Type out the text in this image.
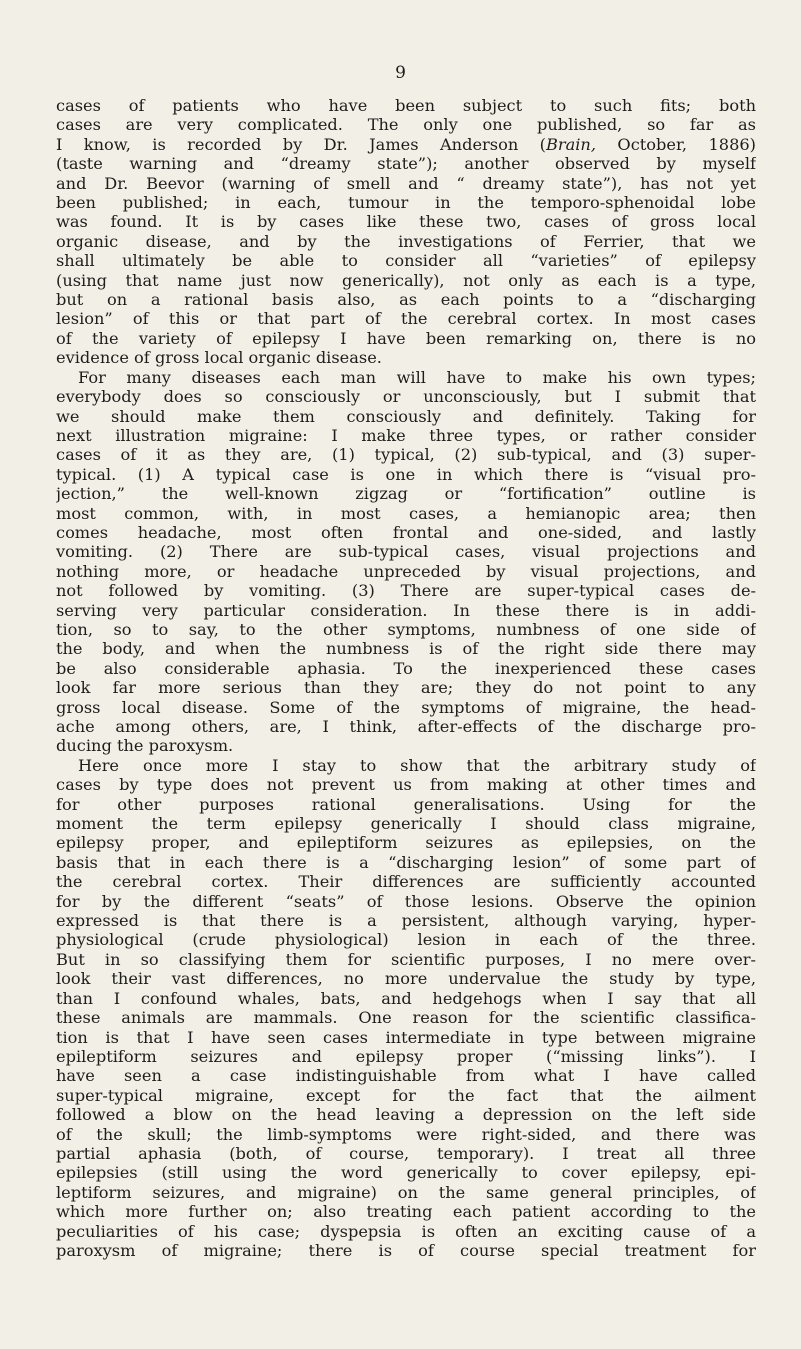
9
cases of patients who have been subject to such fits; both
cases are very complicated. The only one published, so far as
I know, is recorded by Dr. James Anderson (Brain, October, 1886)
(taste warning and “dreamy state”); another observed by myself
and Dr. Beevor (warning of smell and “ dreamy state”), has not yet
been published; in each, tumour in the temporo-sphenoidal lobe
was found. It is by cases like these two, cases of gross local
organic disease, and by the investigations of Ferrier, that we
shall ultimately be able to consider all “varieties” of epilepsy
(using that name just now generically), not only as each is a type,
but on a rational basis also, as each points to a “discharging
lesion” of this or that part of the cerebral cortex. In most cases
of the variety of epilepsy I have been remarking on, there is no
evidence of gross local organic disease.
For many diseases each man will have to make his own types;
everybody does so consciously or unconsciously, but I submit that
we should make them consciously and definitely. Taking for
next illustration migraine: I make three types, or rather consider
cases of it as they are, (1) typical, (2) sub-typical, and (3) super-
typical. (1) A typical case is one in which there is “visual pro-
jection,” the well-known zigzag or “fortification” outline is
most common, with, in most cases, a hemianopic area; then
comes headache, most often frontal and one-sided, and lastly
vomiting. (2) There are sub-typical cases, visual projections and
nothing more, or headache unpreceded by visual projections, and
not followed by vomiting. (3) There are super-typical cases de-
serving very particular consideration. In these there is in addi-
tion, so to say, to the other symptoms, numbness of one side of
the body, and when the numbness is of the right side there may
be also considerable aphasia. To the inexperienced these cases
look far more serious than they are; they do not point to any
gross local disease. Some of the symptoms of migraine, the head-
ache among others, are, I think, after-effects of the discharge pro-
ducing the paroxysm.
Here once more I stay to show that the arbitrary study of
cases by type does not prevent us from making at other times and
for other purposes rational generalisations. Using for the
moment the term epilepsy generically I should class migraine,
epilepsy proper, and epileptiform seizures as epilepsies, on the
basis that in each there is a “discharging lesion” of some part of
the cerebral cortex. Their differences are sufficiently accounted
for by the different “seats” of those lesions. Observe the opinion
expressed is that there is a persistent, although varying, hyper-
physiological (crude physiological) lesion in each of the three.
But in so classifying them for scientific purposes, I no mere over-
look their vast differences, no more undervalue the study by type,
than I confound whales, bats, and hedgehogs when I say that all
these animals are mammals. One reason for the scientific classifica-
tion is that I have seen cases intermediate in type between migraine
epileptiform seizures and epilepsy proper (“missing links”). I
have seen a case indistinguishable from what I have called
super-typical migraine, except for the fact that the ailment
followed a blow on the head leaving a depression on the left side
of the skull; the limb-symptoms were right-sided, and there was
partial aphasia (both, of course, temporary). I treat all three
epilepsies (still using the word generically to cover epilepsy, epi-
leptiform seizures, and migraine) on the same general principles, of
which more further on; also treating each patient according to the
peculiarities of his case; dyspepsia is often an exciting cause of a
paroxysm of migraine; there is of course special treatment for
